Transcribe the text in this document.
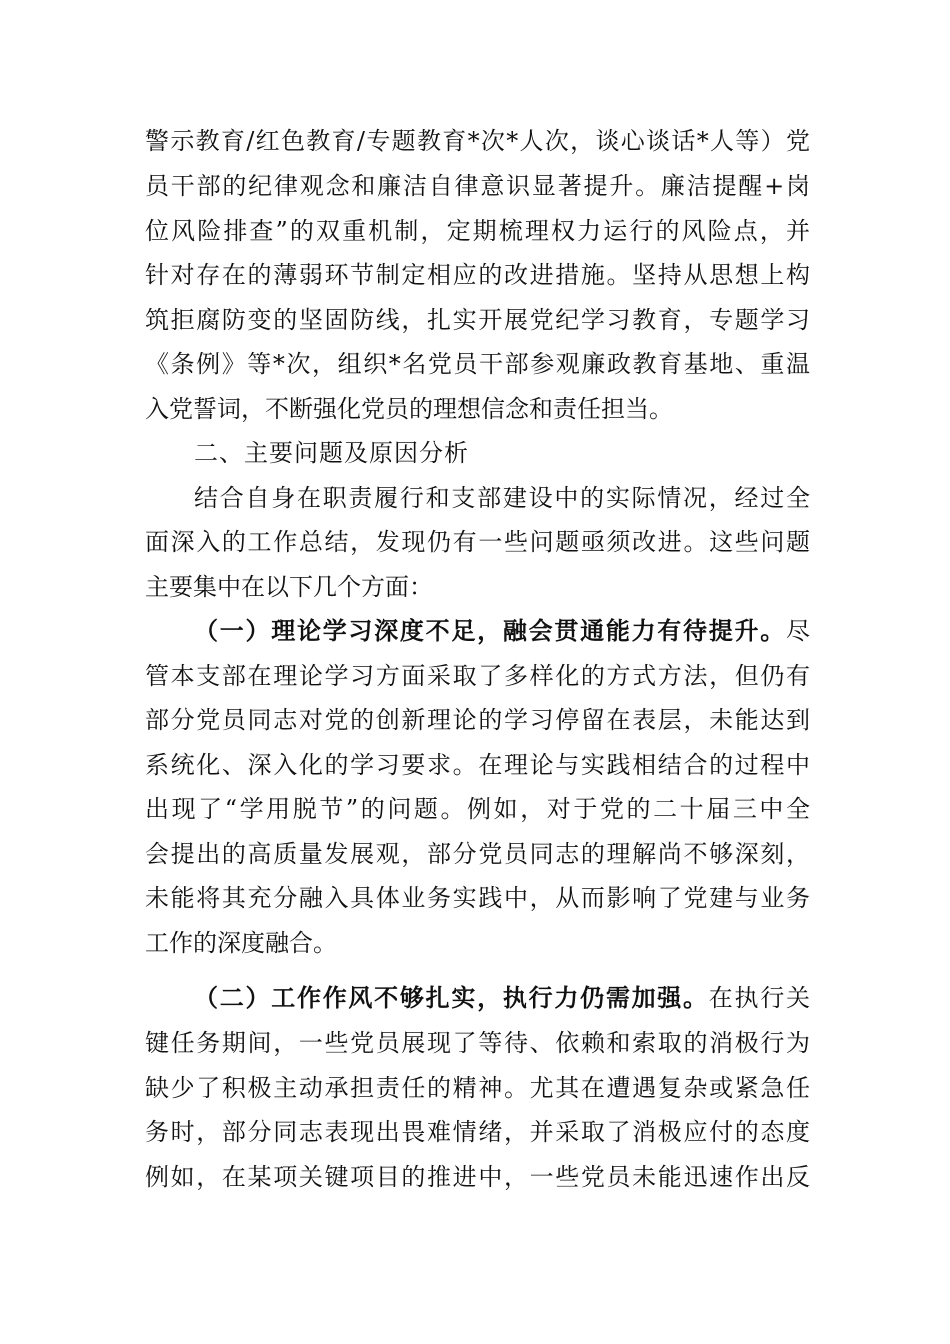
警示教育/红色教育/专题教育*次*人次，谈心谈话*人等）党
员干部的纪律观念和廉洁自律意识显著提升。廉洁提醒+岗
位风险排查”的双重机制，定期梳理权力运行的风险点，并
针对存在的薄弱环节制定相应的改进措施。坚持从思想上构
筑拒腐防变的坚固防线，扎实开展党纪学习教育，专题学习
《条例》等*次，组织*名党员干部参观廉政教育基地、重温
入党誓词，不断强化党员的理想信念和责任担当。
二、主要问题及原因分析
结合自身在职责履行和支部建设中的实际情况，经过全
面深入的工作总结，发现仍有一些问题亟须改进。这些问题
主要集中在以下几个方面：
（一）理论学习深度不足，融会贯通能力有待提升。尽
管本支部在理论学习方面采取了多样化的方式方法，但仍有
部分党员同志对党的创新理论的学习停留在表层，未能达到
系统化、深入化的学习要求。在理论与实践相结合的过程中
出现了“学用脱节”的问题。例如，对于党的二十届三中全
会提出的高质量发展观，部分党员同志的理解尚不够深刻，
未能将其充分融入具体业务实践中，从而影响了党建与业务
工作的深度融合。
（二）工作作风不够扎实，执行力仍需加强。在执行关
键任务期间，一些党员展现了等待、依赖和索取的消极行为
缺少了积极主动承担责任的精神。尤其在遭遇复杂或紧急任
务时，部分同志表现出畏难情绪，并采取了消极应付的态度
例如，在某项关键项目的推进中，一些党员未能迅速作出反
